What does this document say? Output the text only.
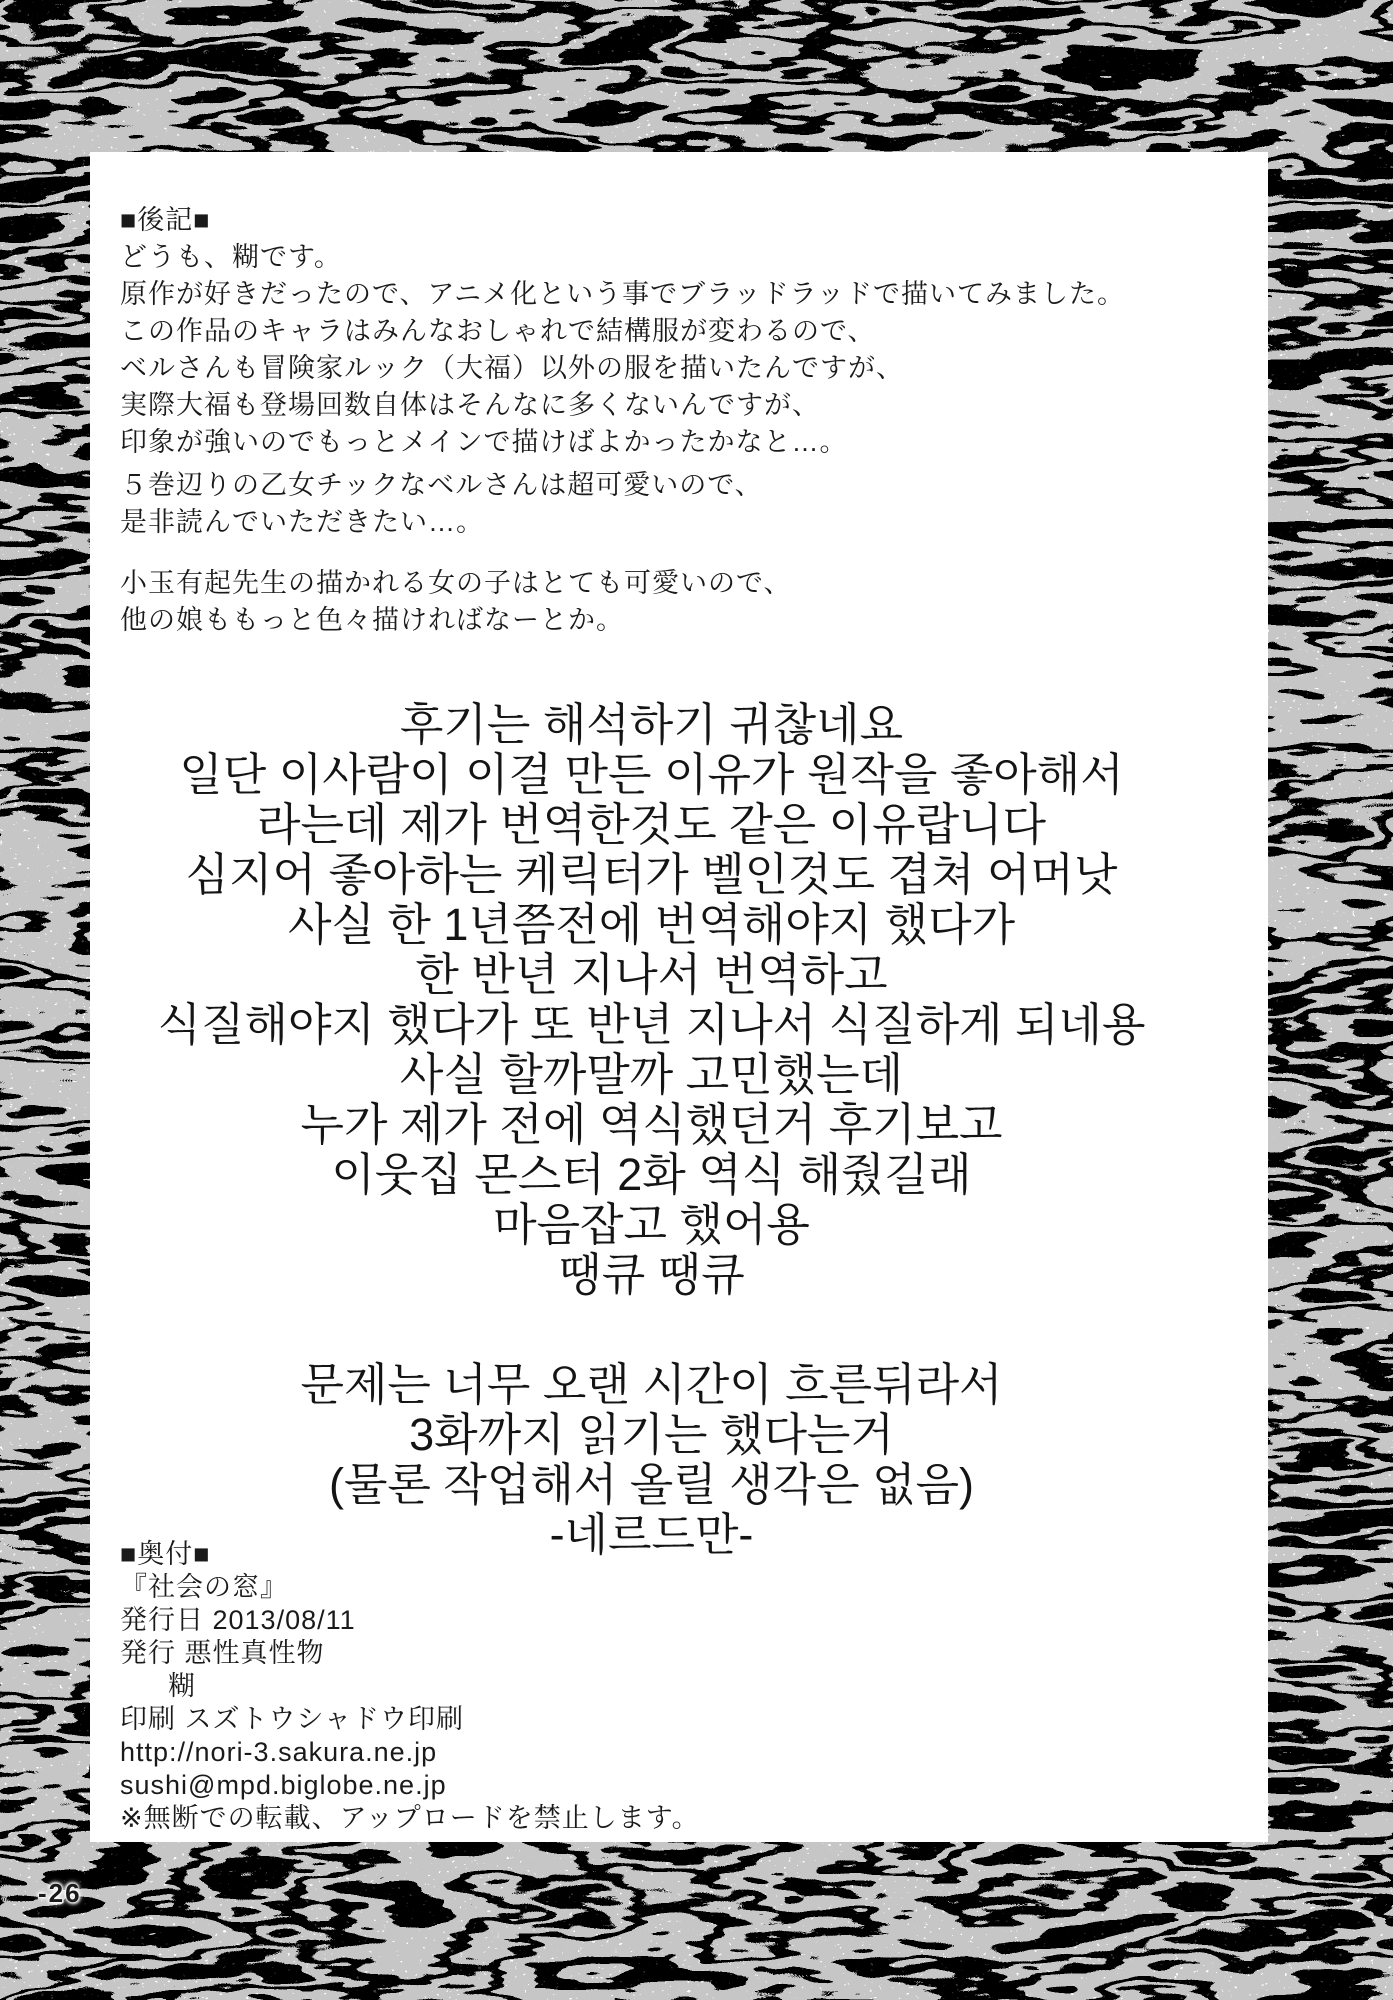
■後記■
どうも、糊です。
原作が好きだったので、アニメ化という事でブラッドラッドで描いてみました。
この作品のキャラはみんなおしゃれで結構服が変わるので、
ベルさんも冒険家ルック（大福）以外の服を描いたんですが、
実際大福も登場回数自体はそんなに多くないんですが、
印象が強いのでもっとメインで描けばよかったかなと…。
５巻辺りの乙女チックなベルさんは超可愛いので、
是非読んでいただきたい…。
小玉有起先生の描かれる女の子はとても可愛いので、
他の娘ももっと色々描ければなーとか。
후기는 해석하기 귀찮네요
일단 이사람이 이걸 만든 이유가 원작을 좋아해서
라는데 제가 번역한것도 같은 이유랍니다
심지어 좋아하는 케릭터가 벨인것도 겹쳐 어머낫
사실 한 1년쯤전에 번역해야지 했다가
한 반년 지나서 번역하고
식질해야지 했다가 또 반년 지나서 식질하게 되네용
사실 할까말까 고민했는데
누가 제가 전에 역식했던거 후기보고
이웃집 몬스터 2화 역식 해줬길래
마음잡고 했어용
땡큐 땡큐
문제는 너무 오랜 시간이 흐른뒤라서
3화까지 읽기는 했다는거
(물론 작업해서 올릴 생각은 없음)
-네르드만-
■奥付■
『社会の窓』
発行日 2013/08/11
発行 悪性真性物
糊
印刷 スズトウシャドウ印刷
http://nori-3.sakura.ne.jp
sushi@mpd.biglobe.ne.jp
※無断での転載、アップロードを禁止します。
-26
